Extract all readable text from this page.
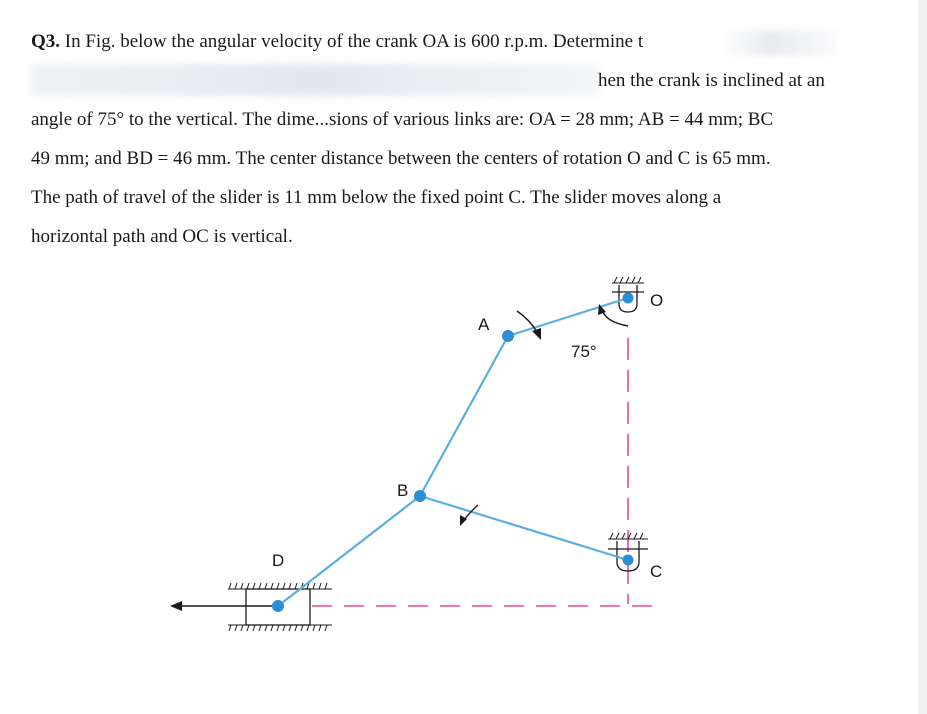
Q3. In Fig. below the angular velocity of the crank OA is 600 r.p.m. Determine t
angle of 75° to the vertical. The dime...sions of various links are: OA = 28 mm; AB = 44 mm; BC
49 mm; and BD = 46 mm. The center distance between the centers of rotation O and C is 65 mm.
The path of travel of the slider is 11 mm below the fixed point C. The slider moves along a
horizontal path and OC is vertical.
hen the crank is inclined at an
75°
O
A
B
C
D
